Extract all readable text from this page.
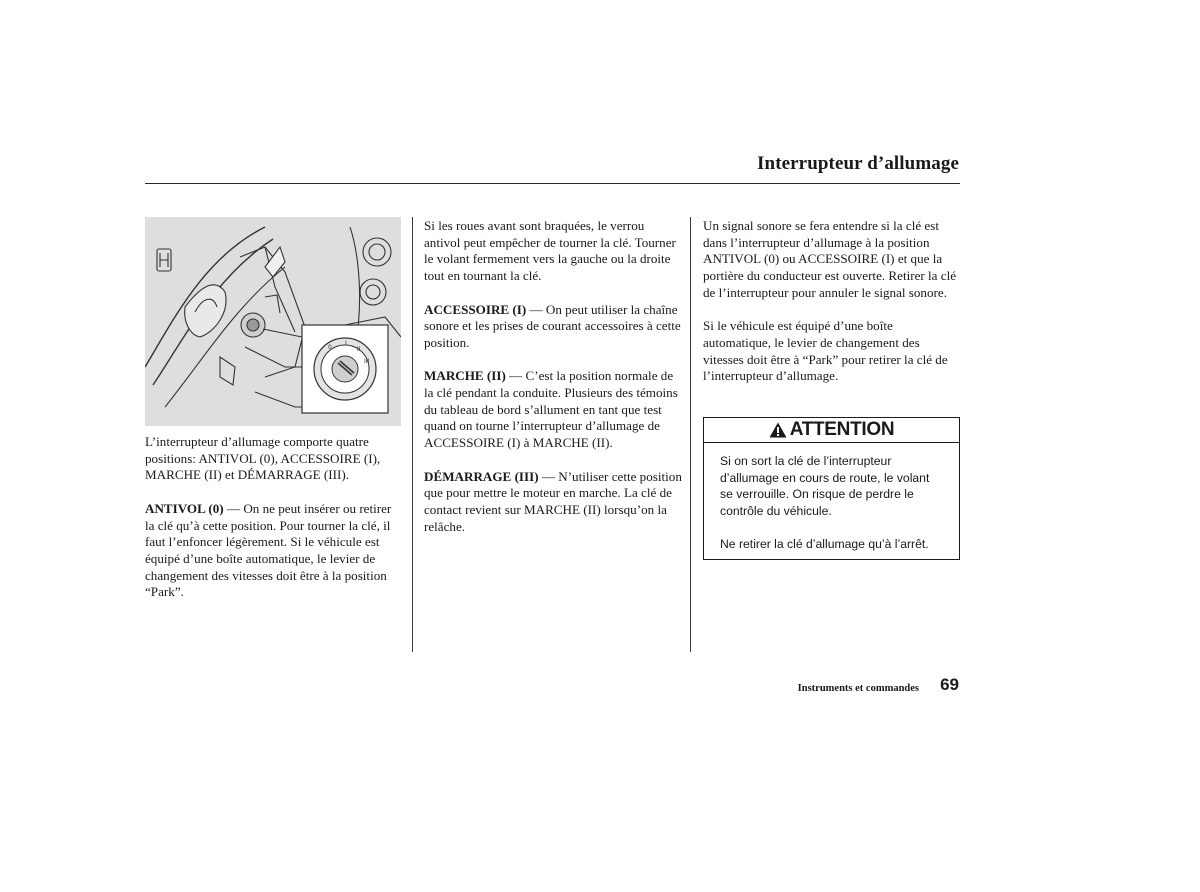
Interrupteur d’allumage
0
I
II
III

L’interrupteur d’allumage comporte quatre positions: ANTIVOL (0), ACCESSOIRE (I), MARCHE (II) et DÉMARRAGE (III).

ANTIVOL (0) — On ne peut insérer ou retirer la clé qu’à cette position. Pour tourner la clé, il faut l’enfoncer légèrement. Si le véhicule est équipé d’une boîte automatique, le levier de changement des vitesses doit être à la position “Park”.

Si les roues avant sont braquées, le verrou antivol peut empêcher de tourner la clé. Tourner le volant fermement vers la gauche ou la droite tout en tournant la clé.

ACCESSOIRE (I) — On peut utiliser la chaîne sonore et les prises de courant accessoires à cette position.

MARCHE (II) — C’est la position normale de la clé pendant la conduite. Plusieurs des témoins du tableau de bord s’allument en tant que test quand on tourne l’interrupteur d’allumage de ACCESSOIRE (I) à MARCHE (II).

DÉMARRAGE (III) — N’utiliser cette position que pour mettre le moteur en marche. La clé de contact revient sur MARCHE (II) lorsqu’on la relâche.

Un signal sonore se fera entendre si la clé est dans l’interrupteur d’allumage à la position ANTIVOL (0) ou ACCESSOIRE (I) et que la portière du conducteur est ouverte. Retirer la clé de l’interrupteur pour annuler le signal sonore.

Si le véhicule est équipé d’une boîte automatique, le levier de changement des vitesses doit être à “Park” pour retirer la clé de l’interrupteur d’allumage.

ATTENTION

Si on sort la clé de l’interrupteur d’allumage en cours de route, le volant se verrouille. On risque de perdre le contrôle du véhicule.

Ne retirer la clé d’allumage qu’à l’arrêt.

Instruments et commandes 69
